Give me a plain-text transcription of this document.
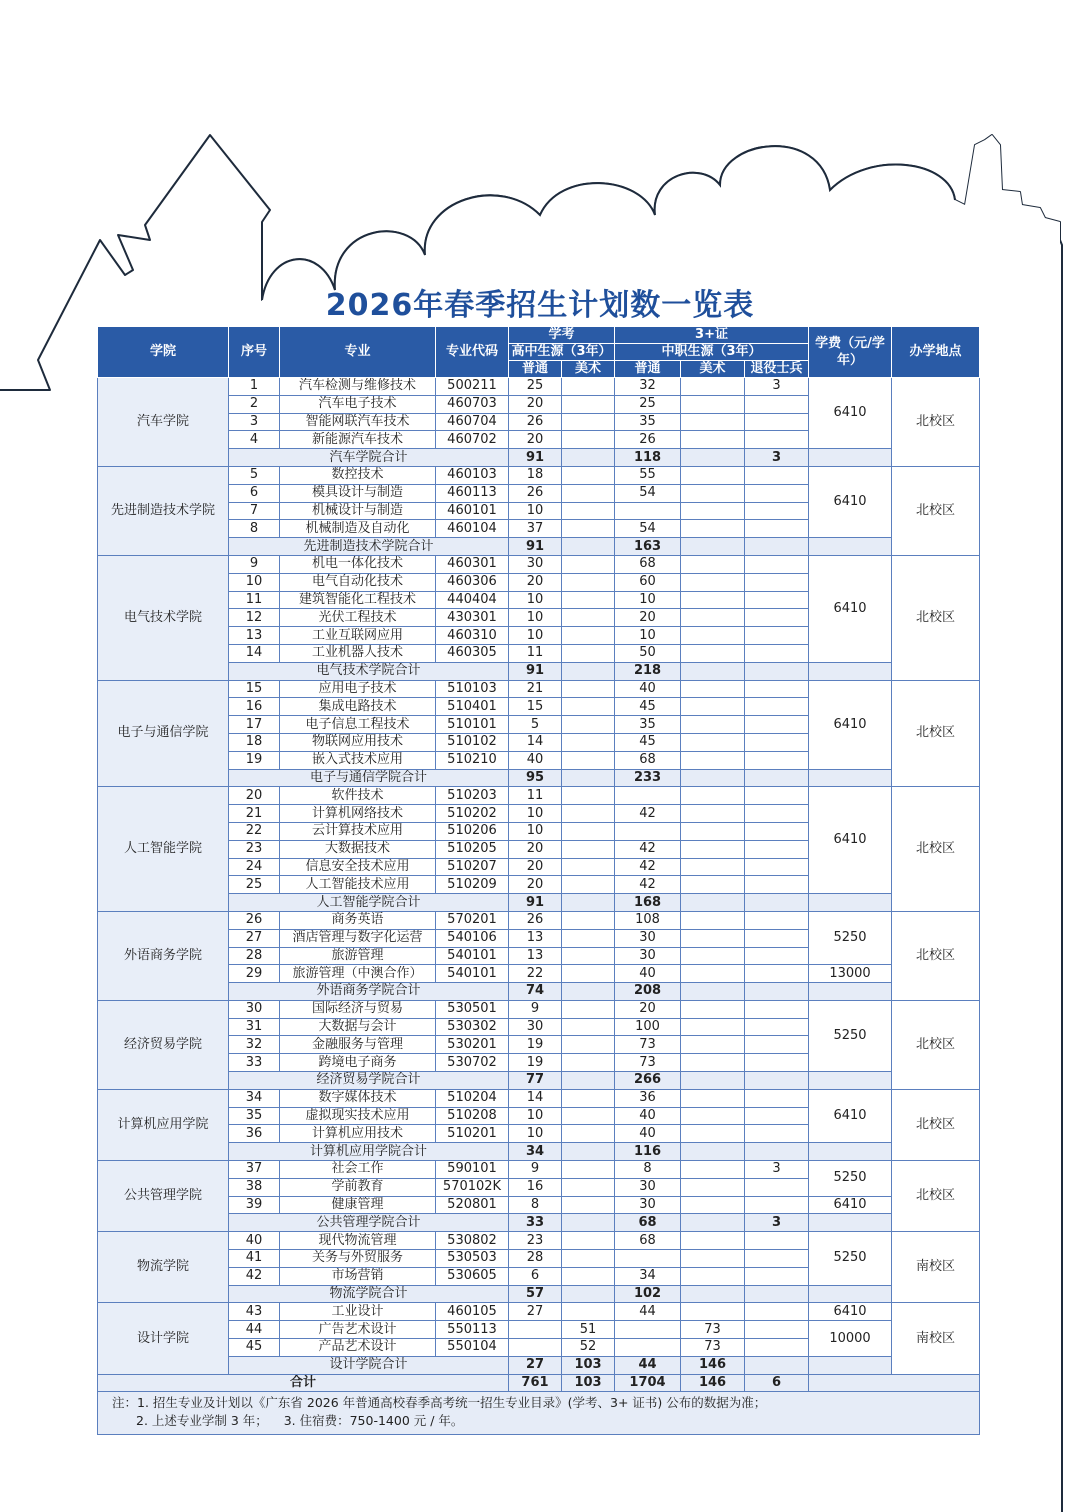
2026年春季招生计划数一览表
学院	序号	专业	专业代码	学考		3+证			学费（元/学年）	办学地点
				高中生源（3年）		中职生源（3年）				
				普通	美术	普通	美术	退役士兵		
汽车学院	1	汽车检测与维修技术	500211	25		32		3	6410	北校区
	2	汽车电子技术	460703	20		25				
	3	智能网联汽车技术	460704	26		35				
	4	新能源汽车技术	460702	20		26				
	汽车学院合计			91		118		3		
先进制造技术学院	5	数控技术	460103	18		55			6410	北校区
	6	模具设计与制造	460113	26		54				
	7	机械设计与制造	460101	10						
	8	机械制造及自动化	460104	37		54				
	先进制造技术学院合计			91		163				
电气技术学院	9	机电一体化技术	460301	30		68			6410	北校区
	10	电气自动化技术	460306	20		60				
	11	建筑智能化工程技术	440404	10		10				
	12	光伏工程技术	430301	10		20				
	13	工业互联网应用	460310	10		10				
	14	工业机器人技术	460305	11		50				
	电气技术学院合计			91		218				
电子与通信学院	15	应用电子技术	510103	21		40			6410	北校区
	16	集成电路技术	510401	15		45				
	17	电子信息工程技术	510101	5		35				
	18	物联网应用技术	510102	14		45				
	19	嵌入式技术应用	510210	40		68				
	电子与通信学院合计			95		233				
人工智能学院	20	软件技术	510203	11					6410	北校区
	21	计算机网络技术	510202	10		42				
	22	云计算技术应用	510206	10						
	23	大数据技术	510205	20		42				
	24	信息安全技术应用	510207	20		42				
	25	人工智能技术应用	510209	20		42				
	人工智能学院合计			91		168				
外语商务学院	26	商务英语	570201	26		108			5250	北校区
	27	酒店管理与数字化运营	540106	13		30				
	28	旅游管理	540101	13		30				
	29	旅游管理（中澳合作）	540101	22		40			13000	
	外语商务学院合计			74		208				
经济贸易学院	30	国际经济与贸易	530501	9		20			5250	北校区
	31	大数据与会计	530302	30		100				
	32	金融服务与管理	530201	19		73				
	33	跨境电子商务	530702	19		73				
	经济贸易学院合计			77		266				
计算机应用学院	34	数字媒体技术	510204	14		36			6410	北校区
	35	虚拟现实技术应用	510208	10		40				
	36	计算机应用技术	510201	10		40				
	计算机应用学院合计			34		116				
公共管理学院	37	社会工作	590101	9		8		3	5250	北校区
	38	学前教育	570102K	16		30				
	39	健康管理	520801	8		30			6410	
	公共管理学院合计			33		68		3		
物流学院	40	现代物流管理	530802	23		68			5250	南校区
	41	关务与外贸服务	530503	28						
	42	市场营销	530605	6		34				
	物流学院合计			57		102				
设计学院	43	工业设计	460105	27		44			6410	南校区
	44	广告艺术设计	550113		51		73		10000	
	45	产品艺术设计	550104		52		73			
	设计学院合计			27	103	44	146			
合计				761	103	1704	146	6		

注：1. 招生专业及计划以《广东省 2026 年普通高校春季高考统一招生专业目录》(学考、3+ 证书) 公布的数据为准；
2. 上述专业学制 3 年；    3. 住宿费：750-1400 元 / 年。										
